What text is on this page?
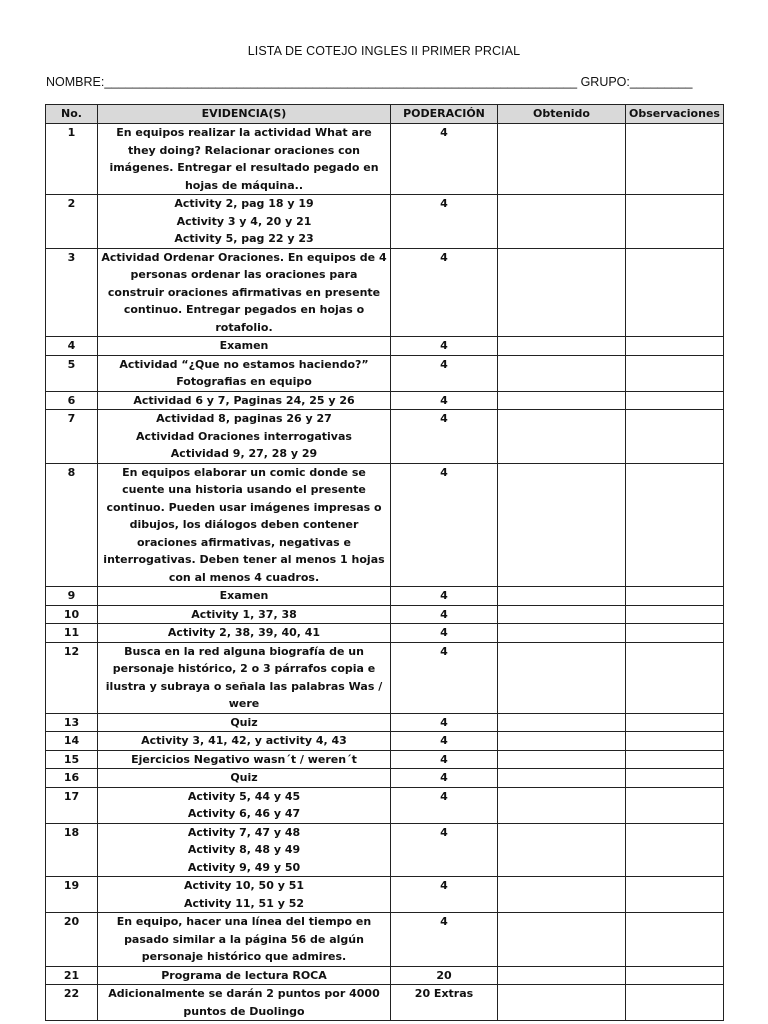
LISTA DE COTEJO INGLES II PRIMER PRCIAL
NOMBRE:____________________________________________________________________ GRUPO:_________
No.	EVIDENCIA(S)	PODERACIÓN	Obtenido	Observaciones
1	En equipos realizar la actividad What are they doing? Relacionar oraciones con imágenes. Entregar el resultado pegado en hojas de máquina..	4		
2	Activity 2, pag 18 y 19
Activity 3 y 4, 20 y 21
Activity 5, pag 22 y 23	4		
3	Actividad Ordenar Oraciones. En equipos de 4 personas ordenar las oraciones para construir oraciones afirmativas en presente continuo. Entregar pegados en hojas o rotafolio.	4		
4	Examen	4		
5	Actividad “¿Que no estamos haciendo?”
Fotografias en equipo	4		
6	Actividad 6 y 7, Paginas 24, 25 y 26	4		
7	Actividad 8, paginas 26 y 27
Actividad Oraciones interrogativas
Actividad 9, 27, 28 y 29	4		
8	En equipos elaborar un comic donde se cuente una historia usando el presente continuo. Pueden usar imágenes impresas o dibujos, los diálogos deben contener oraciones afirmativas, negativas e interrogativas. Deben tener al menos 1 hojas con al menos 4 cuadros.	4		
9	Examen	4		
10	Activity 1, 37, 38	4		
11	Activity 2, 38, 39, 40, 41	4		
12	Busca en la red alguna biografía de un personaje histórico, 2 o 3 párrafos copia e ilustra y subraya o señala las palabras Was / were	4		
13	Quiz	4		
14	Activity 3, 41, 42, y activity 4, 43	4		
15	Ejercicios Negativo wasn´t / weren´t	4		
16	Quiz	4		
17	Activity 5, 44 y 45
Activity 6, 46 y 47	4		
18	Activity 7, 47 y 48
Activity 8, 48 y 49
Activity 9, 49 y 50	4		
19	Activity 10, 50 y 51
Activity 11, 51 y 52	4		
20	En equipo, hacer una línea del tiempo en pasado similar a la página 56 de algún personaje histórico que admires.	4		
21	Programa de lectura ROCA	20		
22	Adicionalmente se darán 2 puntos por 4000 puntos de Duolingo	20 Extras		
